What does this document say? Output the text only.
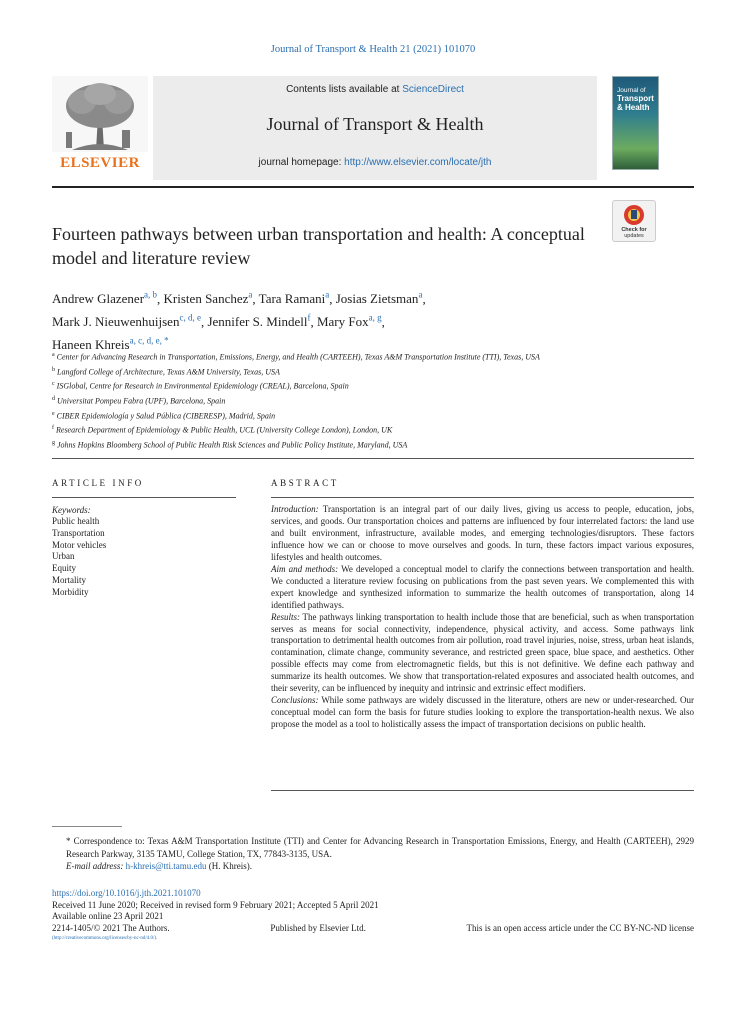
Journal of Transport & Health 21 (2021) 101070
Contents lists available at ScienceDirect
Journal of Transport & Health
journal homepage: http://www.elsevier.com/locate/jth
ELSEVIER
Journal of
Transport
& Health
Check for
updates
Fourteen pathways between urban transportation and health: A conceptual model and literature review
Andrew Glazener$^{a, b}$, Kristen Sanchez$^a$, Tara Ramani$^a$, Josias Zietsman$^a$,
Mark J. Nieuwenhuijsen$^{c, d, e}$, Jennifer S. Mindell$^f$, Mary Fox$^{a, g}$,
Haneen Khreis$^{a, c, d, e, *}$
$^a$ Center for Advancing Research in Transportation, Emissions, Energy, and Health (CARTEEH), Texas A&M Transportation Institute (TTI), Texas, USA
$^b$ Langford College of Architecture, Texas A&M University, Texas, USA
$^c$ ISGlobal, Centre for Research in Environmental Epidemiology (CREAL), Barcelona, Spain
$^d$ Universitat Pompeu Fabra (UPF), Barcelona, Spain
$^e$ CIBER Epidemiología y Salud Pública (CIBERESP), Madrid, Spain
$^f$ Research Department of Epidemiology & Public Health, UCL (University College London), London, UK
$^g$ Johns Hopkins Bloomberg School of Public Health Risk Sciences and Public Policy Institute, Maryland, USA
ARTICLE INFO	ABSTRACT
Keywords:
Public health
Transportation
Motor vehicles
Urban
Equity
Mortality
Morbidity

Introduction: Transportation is an integral part of our daily lives, giving us access to people, education, jobs, services, and goods. Our transportation choices and patterns are influenced by four interrelated factors: the land use and built environment, infrastructure, available modes, and emerging technologies/disruptors. These factors influence how we can or choose to move ourselves and goods. In turn, these factors impact various exposures, lifestyles and health outcomes.

Aim and methods: We developed a conceptual model to clarify the connections between transportation and health. We conducted a literature review focusing on publications from the past seven years. We complemented this with expert knowledge and synthesized information to summarize the health outcomes of transportation, along 14 identified pathways.

Results: The pathways linking transportation to health include those that are beneficial, such as when transportation serves as means for social connectivity, independence, physical activity, and access. Some pathways link transportation to detrimental health outcomes from air pollution, road travel injuries, noise, stress, urban heat islands, contamination, climate change, community severance, and restricted green space, blue space, and aesthetics. Other possible effects may come from electromagnetic fields, but this is not definitive. We define each pathway and summarize its health outcomes. We show that transportation-related exposures and associated health outcomes, and their severity, can be influenced by inequity and intrinsic and extrinsic effect modifiers.

Conclusions: While some pathways are widely discussed in the literature, others are new or under-researched. Our conceptual model can form the basis for future studies looking to explore the transportation-health nexus. We also propose the model as a tool to holistically assess the impact of transportation decisions on public health.

* Correspondence to: Texas A&M Transportation Institute (TTI) and Center for Advancing Research in Transportation Emissions, Energy, and Health (CARTEEH), 2929 Research Parkway, 3135 TAMU, College Station, TX, 77843-3135, USA.
E-mail address: h-khreis@tti.tamu.edu (H. Khreis).
https://doi.org/10.1016/j.jth.2021.101070
Received 11 June 2020; Received in revised form 9 February 2021; Accepted 5 April 2021
Available online 23 April 2021
2214-1405/© 2021 The Authors.	Published by Elsevier Ltd.	This is an open access article under the CC BY-NC-ND license
(http://creativecommons.org/licenses/by-nc-nd/4.0/).
